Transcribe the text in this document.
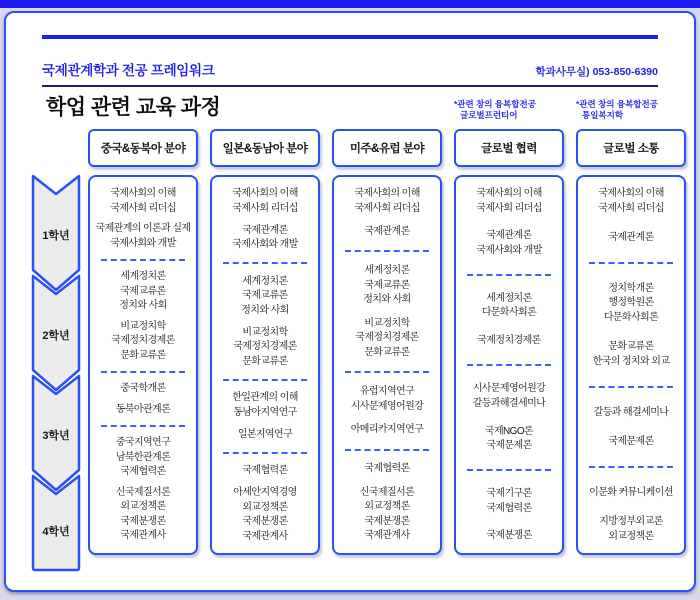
국제관계학과 전공 프레임워크	학과사무실) 053-850-6390
학업 관련 교육 과정
1학년
2학년
3학년
4학년
중국&동북아 분야
국제사회의 이해
국제사회 리더십
국제관계의 이론과 실제
국제사회와 개발
세계정치론
국제교류론
정치와 사회
비교정치학
국제정치경제론
문화교류론
중국학개론
동북아관계론
중국지역연구
남북한관계론
국제협력론
신국제질서론
외교정책론
국제분쟁론
국제관계사
일본&동남아 분야
국제사회의 이해
국제사회 리더십
국제관계론
국제사회와 개발
세계정치론
국제교류론
정치와 사회
비교정치학
국제정치경제론
문화교류론
한일관계의 이해
동남아지역연구
일본지역연구
국제협력론
아세안지역경영
외교정책론
국제분쟁론
국제관계사
미주&유럽 분야
국제사회의 이해
국제사회 리더십
국제관계론
세계정치론
국제교류론
정치와 사회
비교정치학
국제정치경제론
문화교류론
유럽지역연구
시사문제영어원강
아메리카지역연구
국제협력론
신국제질서론
외교정책론
국제분쟁론
국제관계사
*관련 창의 융복합전공
글로벌프런티어
글로벌 협력
국제사회의 이해
국제사회 리더십
국제관계론
국제사회와 개발
세계정치론
다문화사회론
국제정치경제론
시사문제영어원강
갈등과해결세미나
국제NGO론
국제문제론
국제기구론
국제협력론
국제분쟁론
*관련 창의 융복합전공
통일복지학
글로벌 소통
국제사회의 이해
국제사회 리더십
국제관계론
정치학개론
행정학원론
다문화사회론
문화교류론
한국의 정치와 외교
갈등과 해결세미나
국제문제론
이문화 커뮤니케이션
지방정부외교론
외교정책론
